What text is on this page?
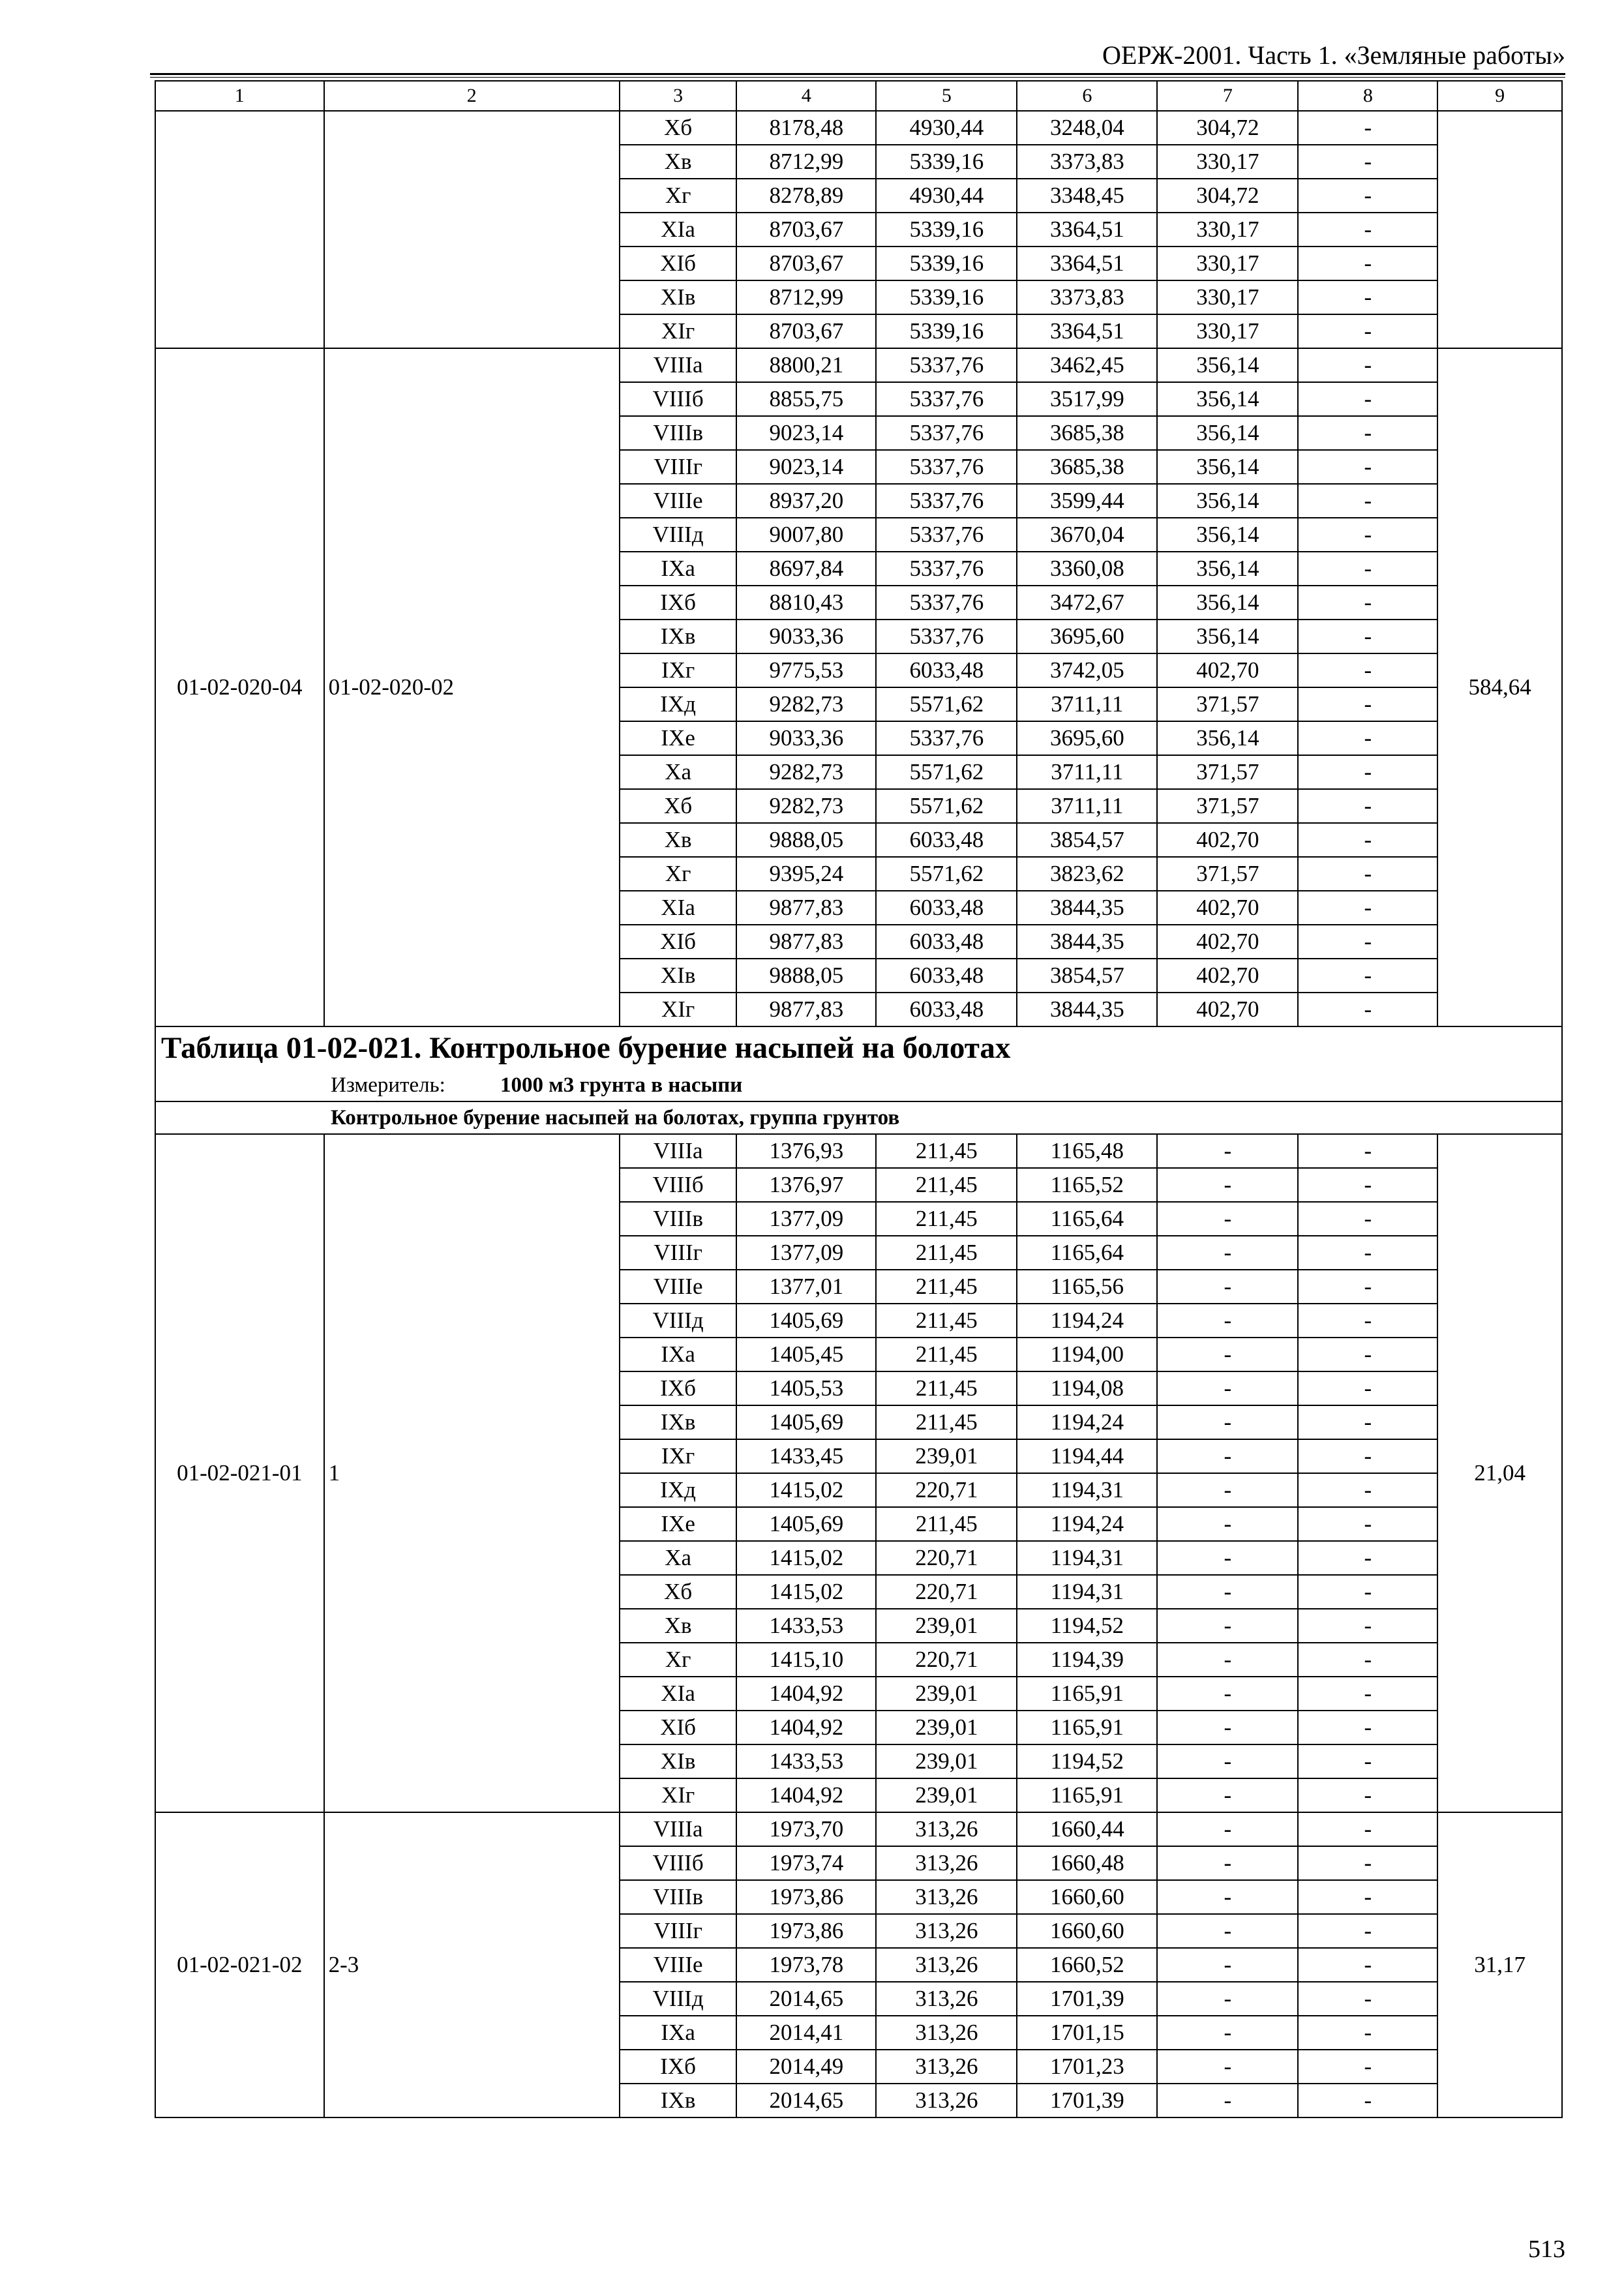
ОЕРЖ-2001. Часть 1. «Земляные работы»
1	2	3	4	5	6	7	8	9
		Xб	8178,48	4930,44	3248,04	304,72	-	
		Xв	8712,99	5339,16	3373,83	330,17	-	
		Xг	8278,89	4930,44	3348,45	304,72	-	
		XIа	8703,67	5339,16	3364,51	330,17	-	
		XIб	8703,67	5339,16	3364,51	330,17	-	
		XIв	8712,99	5339,16	3373,83	330,17	-	
		XIг	8703,67	5339,16	3364,51	330,17	-	
01-02-020-04	01-02-020-02	VIIIа	8800,21	5337,76	3462,45	356,14	-	584,64
		VIIIб	8855,75	5337,76	3517,99	356,14	-	
		VIIIв	9023,14	5337,76	3685,38	356,14	-	
		VIIIг	9023,14	5337,76	3685,38	356,14	-	
		VIIIе	8937,20	5337,76	3599,44	356,14	-	
		VIIIд	9007,80	5337,76	3670,04	356,14	-	
		IXа	8697,84	5337,76	3360,08	356,14	-	
		IXб	8810,43	5337,76	3472,67	356,14	-	
		IXв	9033,36	5337,76	3695,60	356,14	-	
		IXг	9775,53	6033,48	3742,05	402,70	-	
		IXд	9282,73	5571,62	3711,11	371,57	-	
		IXе	9033,36	5337,76	3695,60	356,14	-	
		Xа	9282,73	5571,62	3711,11	371,57	-	
		Xб	9282,73	5571,62	3711,11	371,57	-	
		Xв	9888,05	6033,48	3854,57	402,70	-	
		Xг	9395,24	5571,62	3823,62	371,57	-	
		XIа	9877,83	6033,48	3844,35	402,70	-	
		XIб	9877,83	6033,48	3844,35	402,70	-	
		XIв	9888,05	6033,48	3854,57	402,70	-	
		XIг	9877,83	6033,48	3844,35	402,70	-	
Таблица 01-02-021. Контрольное бурение насыпей на болотах								
Измеритель: 1000 м3 грунта в насыпи								
Контрольное бурение насыпей на болотах, группа грунтов								
01-02-021-01	1	VIIIа	1376,93	211,45	1165,48	-	-	21,04
		VIIIб	1376,97	211,45	1165,52	-	-	
		VIIIв	1377,09	211,45	1165,64	-	-	
		VIIIг	1377,09	211,45	1165,64	-	-	
		VIIIе	1377,01	211,45	1165,56	-	-	
		VIIIд	1405,69	211,45	1194,24	-	-	
		IXа	1405,45	211,45	1194,00	-	-	
		IXб	1405,53	211,45	1194,08	-	-	
		IXв	1405,69	211,45	1194,24	-	-	
		IXг	1433,45	239,01	1194,44	-	-	
		IXд	1415,02	220,71	1194,31	-	-	
		IXе	1405,69	211,45	1194,24	-	-	
		Xа	1415,02	220,71	1194,31	-	-	
		Xб	1415,02	220,71	1194,31	-	-	
		Xв	1433,53	239,01	1194,52	-	-	
		Xг	1415,10	220,71	1194,39	-	-	
		XIа	1404,92	239,01	1165,91	-	-	
		XIб	1404,92	239,01	1165,91	-	-	
		XIв	1433,53	239,01	1194,52	-	-	
		XIг	1404,92	239,01	1165,91	-	-	
01-02-021-02	2-3	VIIIа	1973,70	313,26	1660,44	-	-	31,17
		VIIIб	1973,74	313,26	1660,48	-	-	
		VIIIв	1973,86	313,26	1660,60	-	-	
		VIIIг	1973,86	313,26	1660,60	-	-	
		VIIIе	1973,78	313,26	1660,52	-	-	
		VIIIд	2014,65	313,26	1701,39	-	-	
		IXа	2014,41	313,26	1701,15	-	-	
		IXб	2014,49	313,26	1701,23	-	-	
		IXв	2014,65	313,26	1701,39	-	-	
513
